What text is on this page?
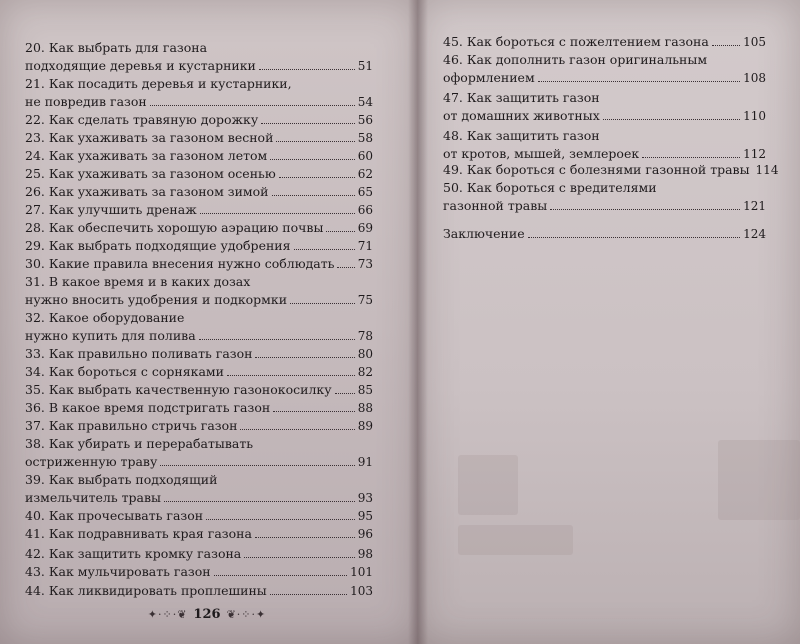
20. Как выбрать для газона
подходящие деревья и кустарники	51
21. Как посадить деревья и кустарники,
не повредив газон	54
22. Как сделать травяную дорожку	56
23. Как ухаживать за газоном весной	58
24. Как ухаживать за газоном летом	60
25. Как ухаживать за газоном осенью	62
26. Как ухаживать за газоном зимой	65
27. Как улучшить дренаж	66
28. Как обеспечить хорошую аэрацию почвы	69
29. Как выбрать подходящие удобрения	71
30. Какие правила внесения нужно соблюдать 73
31. В какое время и в каких дозах
нужно вносить удобрения и подкормки	75
32. Какое оборудование
нужно купить для полива	78
33. Как правильно поливать газон	80
34. Как бороться с сорняками	82
35. Как выбрать качественную газонокосилку 85
36. В какое время подстригать газон	88
37. Как правильно стричь газон	89
38. Как убирать и перерабатывать
остриженную траву	91
39. Как выбрать подходящий
измельчитель травы	93
40. Как прочесывать газон	95
41. Как подравнивать края газона	96
42. Как защитить кромку газона	98
43. Как мульчировать газон	101
44. Как ликвидировать проплешины	103
✦·⁘·❦ 126 ❦·⁘·✦
45. Как бороться с пожелтением газона	105
46. Как дополнить газон оригинальным
оформлением	108
47. Как защитить газон
от домашних животных	110
48. Как защитить газон
от кротов, мышей, землероек	112
49. Как бороться с болезнями газонной травы 114
50. Как бороться с вредителями
газонной травы	121
Заключение	124
